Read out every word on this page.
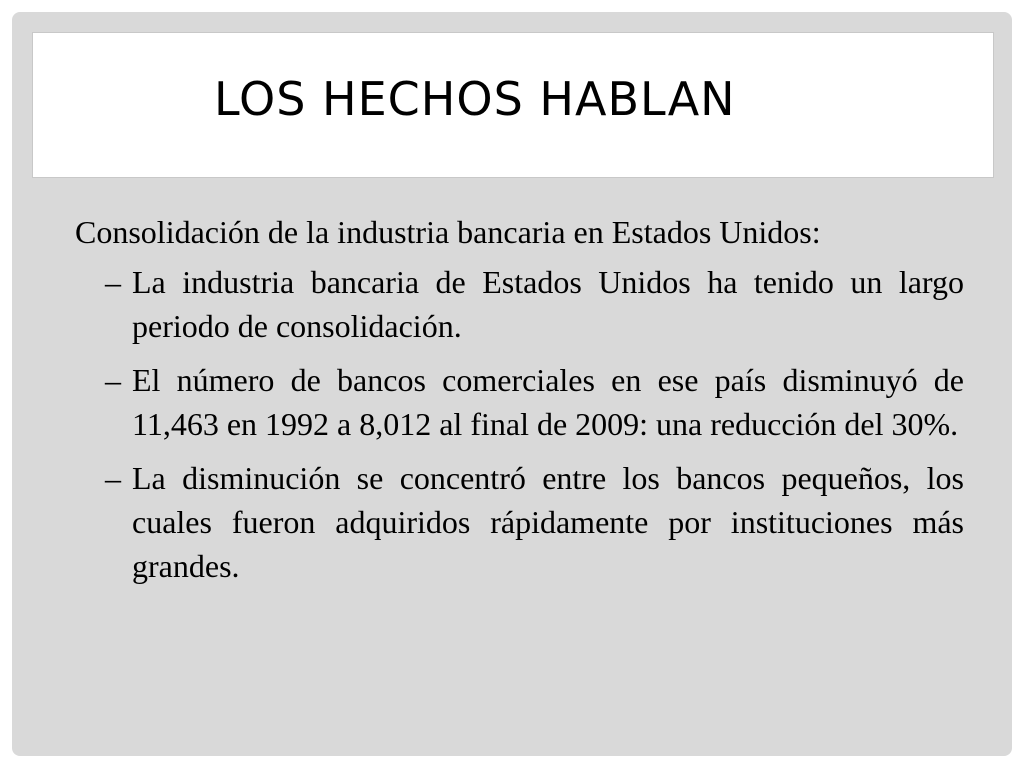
LOS HECHOS HABLAN

Consolidación de la industria bancaria en Estados Unidos:

– La industria bancaria de Estados Unidos ha tenido un largo periodo de consolidación.
– El número de bancos comerciales en ese país disminuyó de 11,463 en 1992 a 8,012 al final de 2009: una reducción del 30%.
– La disminución se concentró entre los bancos pequeños, los cuales fueron adquiridos rápidamente por instituciones más grandes.
